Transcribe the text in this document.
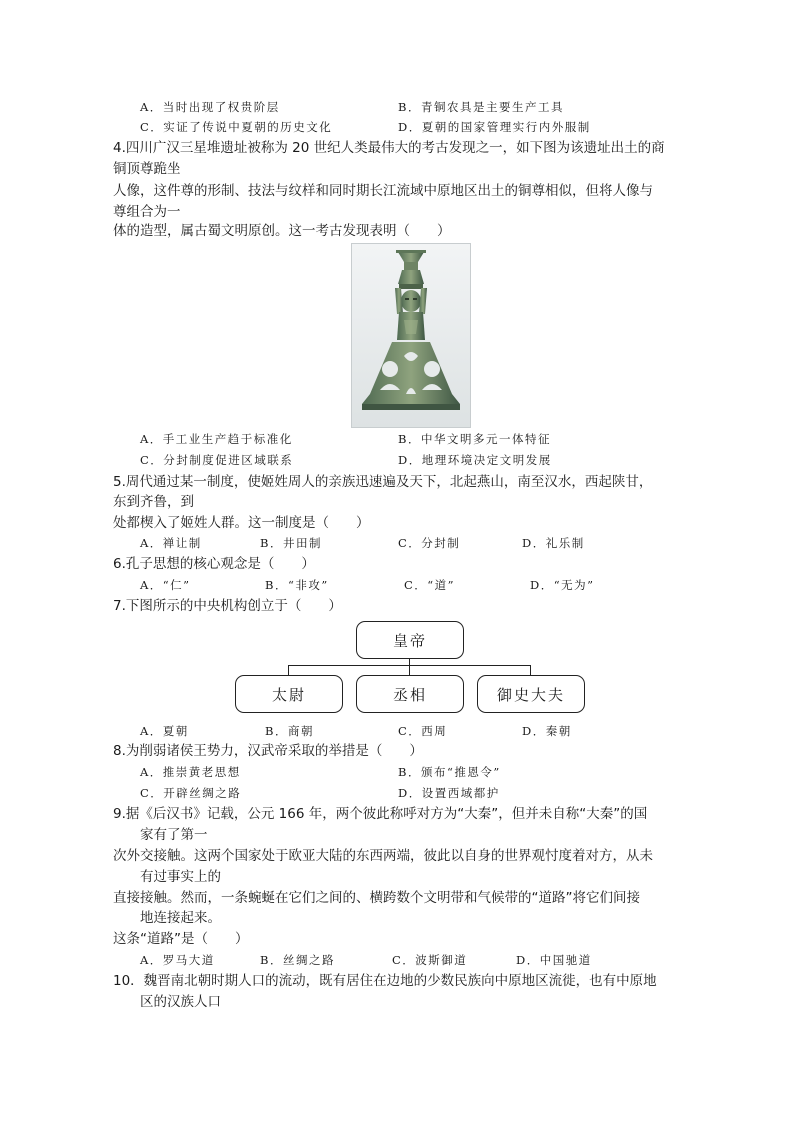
A．当时出现了权贵阶层	B．青铜农具是主要生产工具
C．实证了传说中夏朝的历史文化	D．夏朝的国家管理实行内外服制
4.四川广汉三星堆遗址被称为 20 世纪人类最伟大的考古发现之一，如下图为该遗址出土的商
铜顶尊跪坐
人像，这件尊的形制、技法与纹样和同时期长江流域中原地区出土的铜尊相似，但将人像与
尊组合为一
体的造型，属古蜀文明原创。这一考古发现表明（　　）
A．手工业生产趋于标准化	B．中华文明多元一体特征
C．分封制度促进区域联系	D．地理环境决定文明发展
5.周代通过某一制度，使姬姓周人的亲族迅速遍及天下，北起燕山，南至汉水，西起陕甘，
东到齐鲁，到
处都楔入了姬姓人群。这一制度是（　　）
A．禅让制	B．井田制	C．分封制	D．礼乐制
6.孔子思想的核心观念是（　　）
A．“仁”	B．“非攻”	C．“道”	D．“无为”
7.下图所示的中央机构创立于（　　）
皇帝
太尉	丞相	御史大夫
A．夏朝	B．商朝	C．西周	D．秦朝
8.为削弱诸侯王势力，汉武帝采取的举措是（　　）
A．推崇黄老思想	B．颁布“推恩令”
C．开辟丝绸之路	D．设置西域都护
9.据《后汉书》记载，公元 166 年，两个彼此称呼对方为“大秦”，但并未自称“大秦”的国
家有了第一
次外交接触。这两个国家处于欧亚大陆的东西两端，彼此以自身的世界观忖度着对方，从未
有过事实上的
直接接触。然而，一条蜿蜒在它们之间的、横跨数个文明带和气候带的“道路”将它们间接
地连接起来。
这条“道路”是（　　）
A．罗马大道	B．丝绸之路	C．波斯御道	D．中国驰道
10．魏晋南北朝时期人口的流动，既有居住在边地的少数民族向中原地区流徙，也有中原地
区的汉族人口
